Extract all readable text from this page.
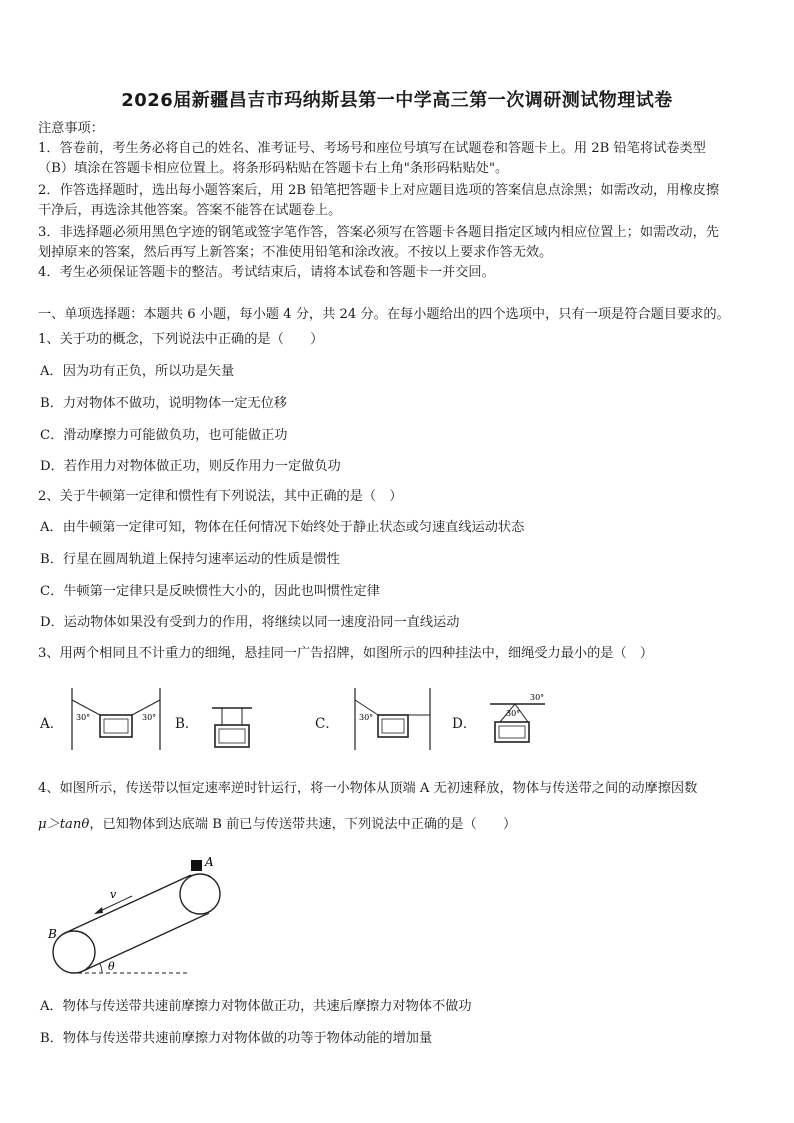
2026届新疆昌吉市玛纳斯县第一中学高三第一次调研测试物理试卷
注意事项：
1．答卷前，考生务必将自己的姓名、准考证号、考场号和座位号填写在试题卷和答题卡上。用 2B 铅笔将试卷类型
（B）填涂在答题卡相应位置上。将条形码粘贴在答题卡右上角"条形码粘贴处"。
2．作答选择题时，选出每小题答案后，用 2B 铅笔把答题卡上对应题目选项的答案信息点涂黑；如需改动，用橡皮擦
干净后，再选涂其他答案。答案不能答在试题卷上。
3．非选择题必须用黑色字迹的钢笔或签字笔作答，答案必须写在答题卡各题目指定区域内相应位置上；如需改动，先
划掉原来的答案，然后再写上新答案；不准使用铅笔和涂改液。不按以上要求作答无效。
4．考生必须保证答题卡的整洁。考试结束后，请将本试卷和答题卡一并交回。
一、单项选择题：本题共 6 小题，每小题 4 分，共 24 分。在每小题给出的四个选项中，只有一项是符合题目要求的。
1、关于功的概念，下列说法中正确的是（　　）
A．因为功有正负，所以功是矢量
B．力对物体不做功，说明物体一定无位移
C．滑动摩擦力可能做负功，也可能做正功
D．若作用力对物体做正功，则反作用力一定做负功
2、关于牛顿第一定律和惯性有下列说法，其中正确的是（　）
A．由牛顿第一定律可知，物体在任何情况下始终处于静止状态或匀速直线运动状态
B．行星在圆周轨道上保持匀速率运动的性质是惯性
C．牛顿第一定律只是反映惯性大小的，因此也叫惯性定律
D．运动物体如果没有受到力的作用，将继续以同一速度沿同一直线运动
3、用两个相同且不计重力的细绳，悬挂同一广告招牌，如图所示的四种挂法中，细绳受力最小的是（　）
A．	B．	C．	D．
30°	30°	30°	30°
30°
4、如图所示，传送带以恒定速率逆时针运行，将一小物体从顶端 A 无初速释放，物体与传送带之间的动摩擦因数
μ＞tanθ，已知物体到达底端 B 前已与传送带共速，下列说法中正确的是（　　）
A
B
v
θ
A．物体与传送带共速前摩擦力对物体做正功，共速后摩擦力对物体不做功
B．物体与传送带共速前摩擦力对物体做的功等于物体动能的增加量
